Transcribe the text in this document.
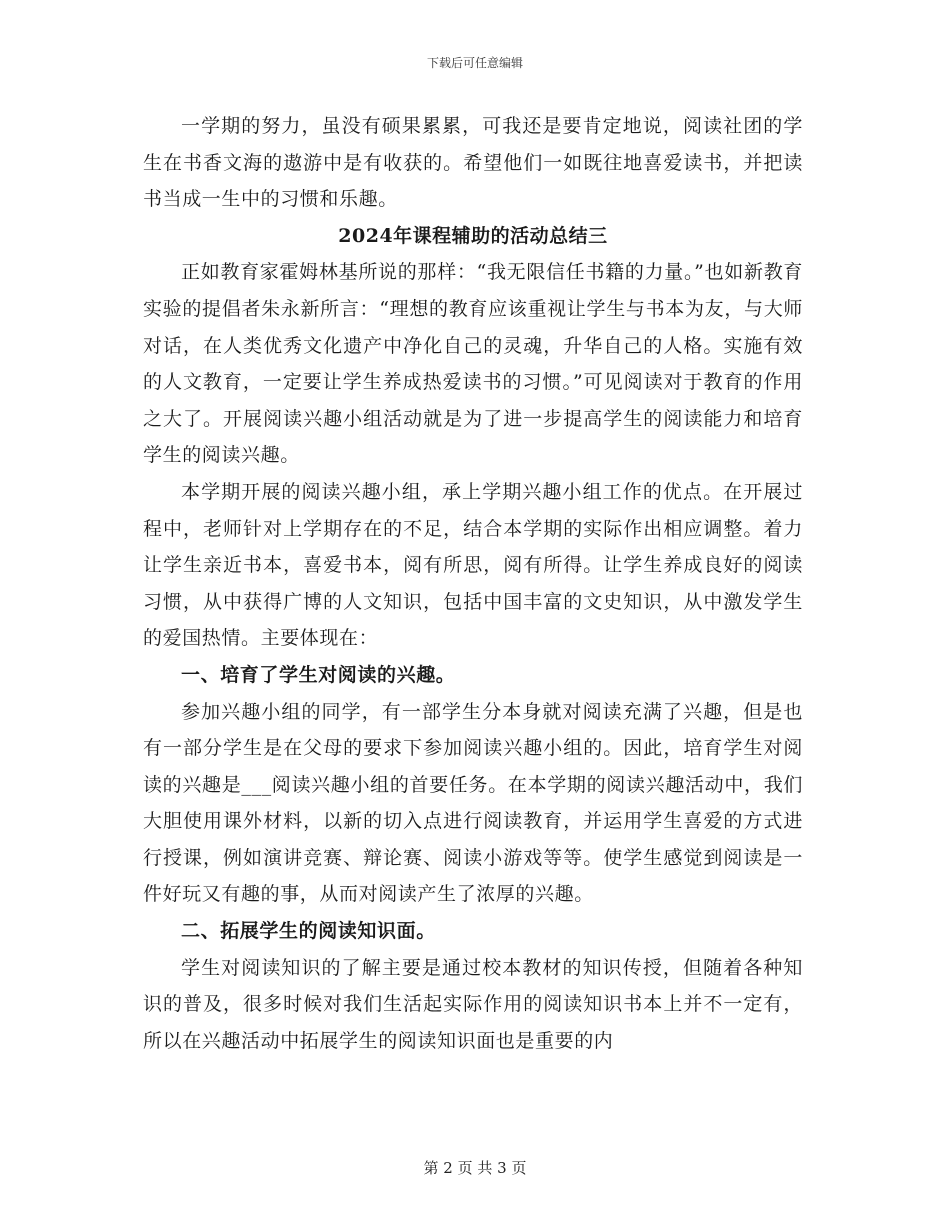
下载后可任意编辑

一学期的努力，虽没有硕果累累，可我还是要肯定地说，阅读社团的学生在书香文海的遨游中是有收获的。希望他们一如既往地喜爱读书，并把读书当成一生中的习惯和乐趣。

2024年课程辅助的活动总结三

正如教育家霍姆林基所说的那样：“我无限信任书籍的力量。”也如新教育实验的提倡者朱永新所言：“理想的教育应该重视让学生与书本为友，与大师对话，在人类优秀文化遗产中净化自己的灵魂，升华自己的人格。实施有效的人文教育，一定要让学生养成热爱读书的习惯。”可见阅读对于教育的作用之大了。开展阅读兴趣小组活动就是为了进一步提高学生的阅读能力和培育学生的阅读兴趣。

本学期开展的阅读兴趣小组，承上学期兴趣小组工作的优点。在开展过程中，老师针对上学期存在的不足，结合本学期的实际作出相应调整。着力让学生亲近书本，喜爱书本，阅有所思，阅有所得。让学生养成良好的阅读习惯，从中获得广博的人文知识，包括中国丰富的文史知识，从中激发学生的爱国热情。主要体现在：

一、培育了学生对阅读的兴趣。

参加兴趣小组的同学，有一部学生分本身就对阅读充满了兴趣，但是也有一部分学生是在父母的要求下参加阅读兴趣小组的。因此，培育学生对阅读的兴趣是___阅读兴趣小组的首要任务。在本学期的阅读兴趣活动中，我们大胆使用课外材料，以新的切入点进行阅读教育，并运用学生喜爱的方式进行授课，例如演讲竞赛、辩论赛、阅读小游戏等等。使学生感觉到阅读是一件好玩又有趣的事，从而对阅读产生了浓厚的兴趣。

二、拓展学生的阅读知识面。

学生对阅读知识的了解主要是通过校本教材的知识传授，但随着各种知识的普及，很多时候对我们生活起实际作用的阅读知识书本上并不一定有，所以在兴趣活动中拓展学生的阅读知识面也是重要的内

第 2 页 共 3 页
